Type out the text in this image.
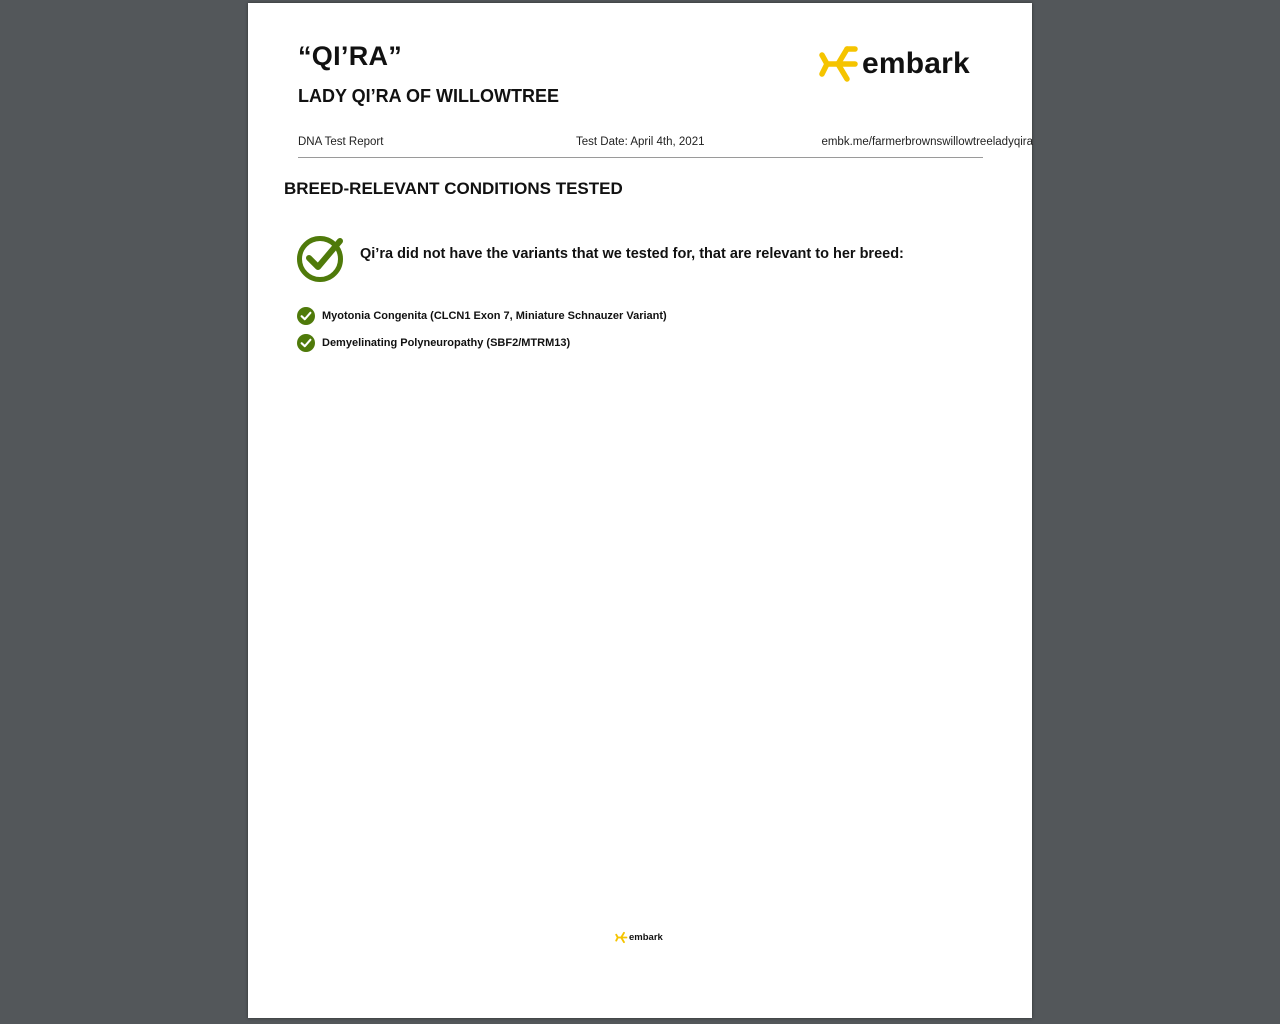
“QI’RA”
LADY QI’RA OF WILLOWTREE
embark
DNA Test Report	Test Date: April 4th, 2021	embk.me/farmerbrownswillowtreeladyqira
BREED-RELEVANT CONDITIONS TESTED
Qi’ra did not have the variants that we tested for, that are relevant to her breed:
Myotonia Congenita (CLCN1 Exon 7, Miniature Schnauzer Variant)
Demyelinating Polyneuropathy (SBF2/MTRM13)
embark
